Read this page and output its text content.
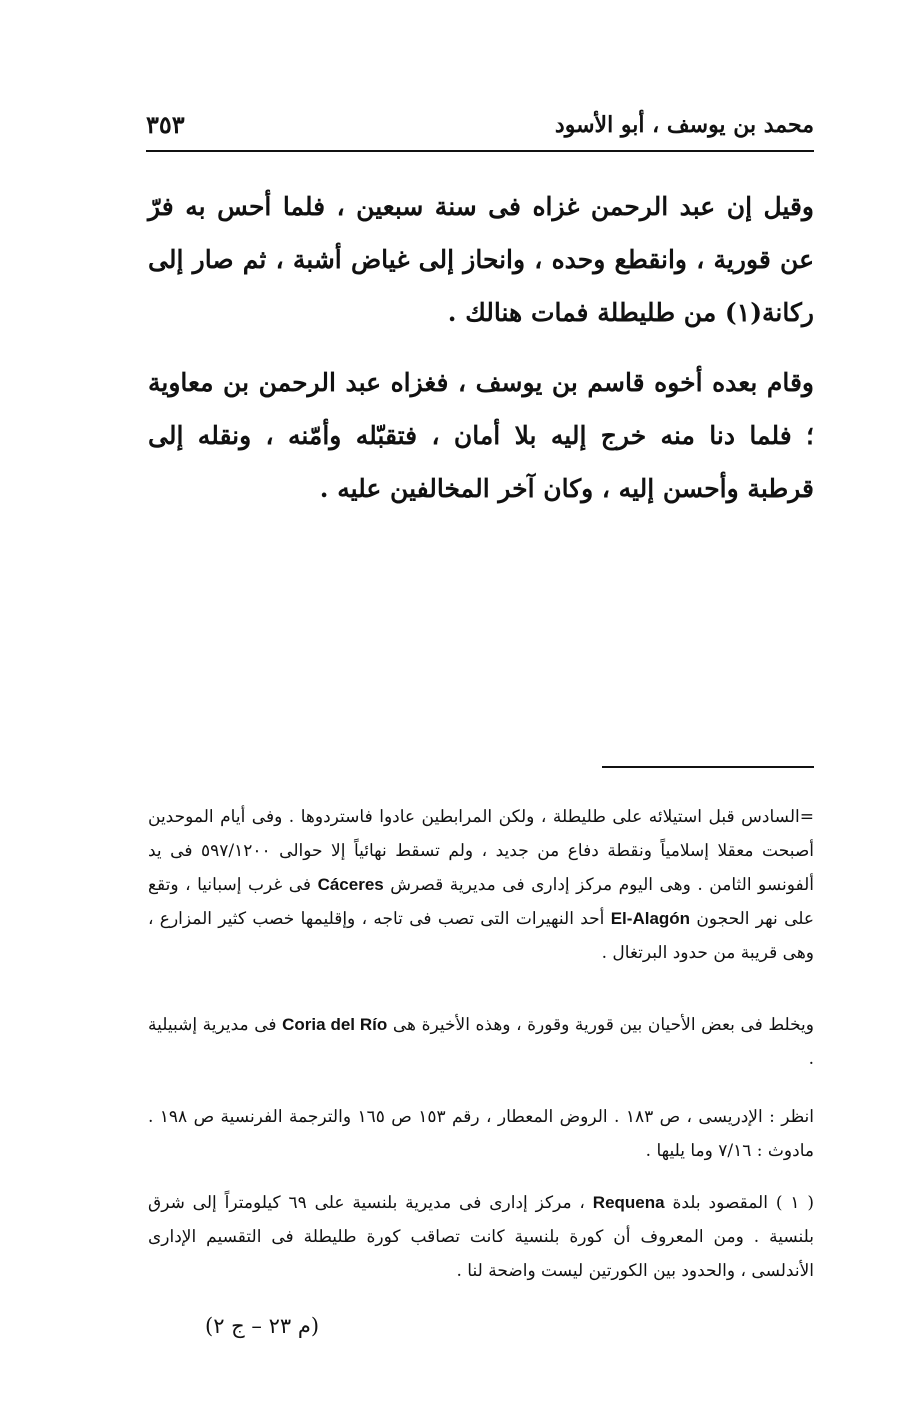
محمد بن يوسف ، أبو الأسود
٣٥٣
وقيل إن عبد الرحمن غزاه فى سنة سبعين ، فلما أحس به فرّ عن قورية ، وانقطع وحده ، وانحاز إلى غياض أشبة ، ثم صار إلى ركانة(١) من طليطلة فمات هنالك .
وقام بعده أخوه قاسم بن يوسف ، فغزاه عبد الرحمن بن معاوية ؛ فلما دنا منه خرج إليه بلا أمان ، فتقبّله وأمّنه ، ونقله إلى قرطبة وأحسن إليه ، وكان آخر المخالفين عليه .
=السادس قبل استيلائه على طليطلة ، ولكن المرابطين عادوا فاستردوها . وفى أيام الموحدين أصبحت معقلا إسلامياً ونقطة دفاع من جديد ، ولم تسقط نهائياً إلا حوالى ٥٩٧/١٢٠٠ فى يد ألفونسو الثامن . وهى اليوم مركز إدارى فى مديرية قصرش Cáceres فى غرب إسبانيا ، وتقع على نهر الحجون El-Alagón أحد النهيرات التى تصب فى تاجه ، وإقليمها خصب كثير المزارع ، وهى قريبة من حدود البرتغال .
ويخلط فى بعض الأحيان بين قورية وقورة ، وهذه الأخيرة هى Coria del Río فى مديرية إشبيلية .
انظر : الإدريسى ، ص ١٨٣ . الروض المعطار ، رقم ١٥٣ ص ١٦٥ والترجمة الفرنسية ص ١٩٨ . مادوث : ٧/١٦ وما يليها .
( ١ ) المقصود بلدة Requena ، مركز إدارى فى مديرية بلنسية على ٦٩ كيلومتراً إلى شرق بلنسية . ومن المعروف أن كورة بلنسية كانت تصاقب كورة طليطلة فى التقسيم الإدارى الأندلسى ، والحدود بين الكورتين ليست واضحة لنا .
(م ٢٣ – ج ٢)
